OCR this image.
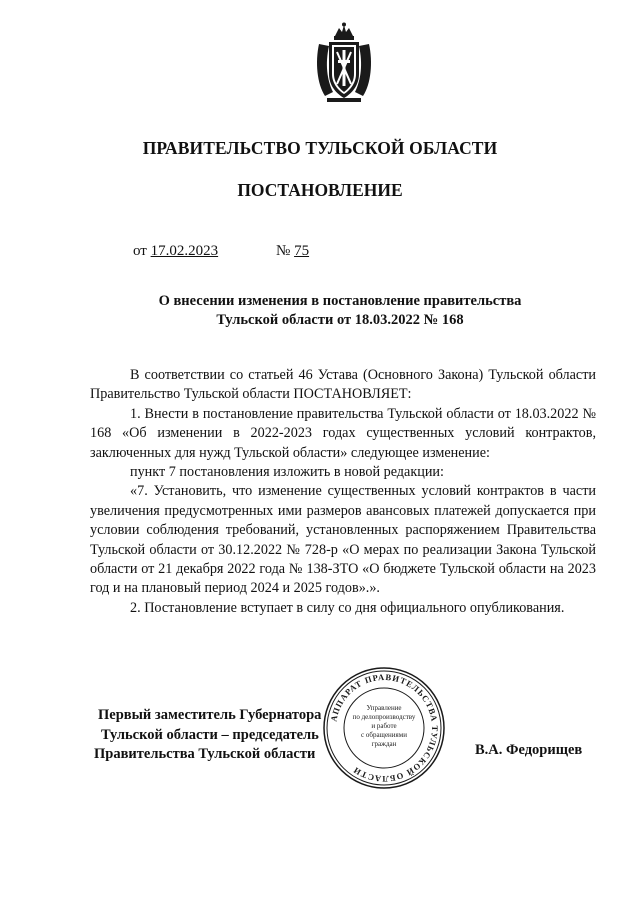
ПРАВИТЕЛЬСТВО ТУЛЬСКОЙ ОБЛАСТИ
ПОСТАНОВЛЕНИЕ
от 17.02.2023	№ 75
О внесении изменения в постановление правительства
Тульской области от 18.03.2022 № 168

В соответствии со статьей 46 Устава (Основного Закона) Тульской области Правительство Тульской области ПОСТАНОВЛЯЕТ:

1. Внести в постановление правительства Тульской области от 18.03.2022 № 168 «Об изменении в 2022-2023 годах существенных условий контрактов, заключенных для нужд Тульской области» следующее изменение:

пункт 7 постановления изложить в новой редакции:

«7. Установить, что изменение существенных условий контрактов в части увеличения предусмотренных ими размеров авансовых платежей допускается при условии соблюдения требований, установленных распоряжением Правительства Тульской области от 30.12.2022 № 728-р «О мерах по реализации Закона Тульской области от 21 декабря 2022 года № 138-ЗТО «О бюджете Тульской области на 2023 год и на плановый период 2024 и 2025 годов».».

2. Постановление вступает в силу со дня официального опубликования.

Первый заместитель Губернатора
Тульской области – председатель
Правительства Тульской области	В.А. Федорищев
АППАРАТ ПРАВИТЕЛЬСТВА ТУЛЬСКОЙ ОБЛАСТИ
Управление
по делопроизводству
и работе
с обращениями
граждан
